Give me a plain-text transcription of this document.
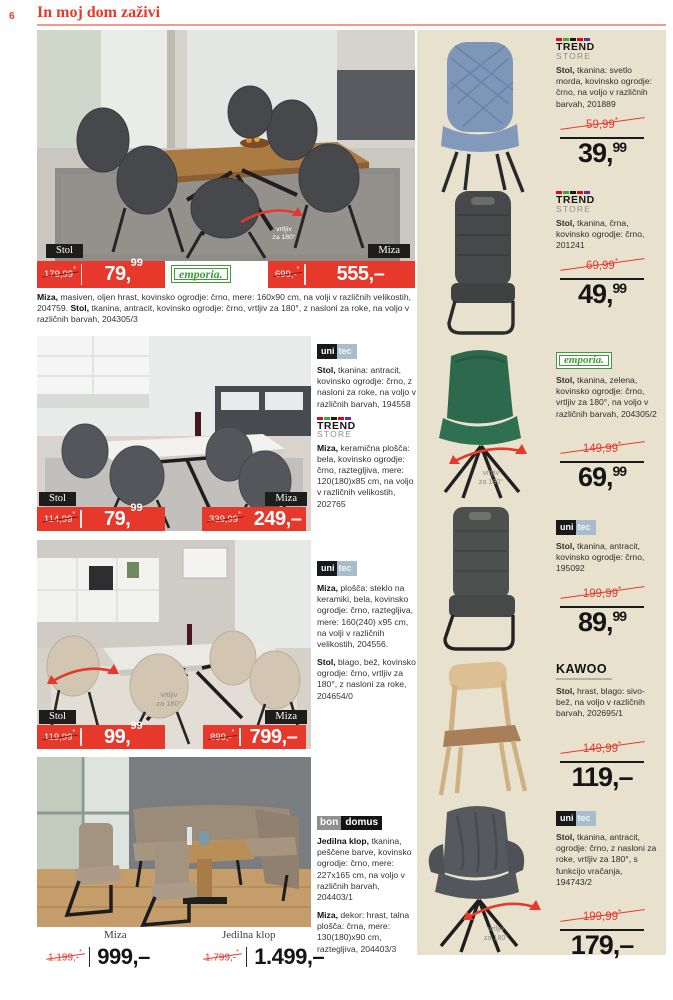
6 In moj dom zaživi
vrtljiv
za 180°
Stol	Miza
179,99*	79,99
emporia.	699,-*	555,–
Miza, masiven, oljen hrast, kovinsko ogrodje: črno, mere: 160x90 cm, na volji v različnih velikostih, 204759. Stol, tkanina, antracit, kovinsko ogrodje: črno, vrtljiv za 180°, z nasloni za roke, na voljo v različnih barvah, 204305/3
Stol	Miza
114,99*	79,99
339,99* 249,–
uni tec
Stol, tkanina: antracit, kovinsko ogrodje: črno, z nasloni za roke, na voljo v različnih barvah, 194558
TREND
STORE
Miza, keramična plošča: bela, kovinsko ogrodje: črno, raztegljiva, mere: 120(180)x85 cm, na voljo v različnih velikostih, 202765
vrtljiv
za 180°
Stol	Miza
119,99*	99,99
899,-* 799,–
uni tec
Miza, plošča: steklo na keramiki, bela, kovinsko ogrodje: črno, raztegljiva, mere: 160(240) x95 cm, na volji v različnih velikostih, 204556.
Stol, blago, bež, kovinsko ogrodje: črno, vrtljiv za 180°, z nasloni za roke, 204654/0
bon domus
Jedilna klop, tkanina, peščene barve, kovinsko ogrodje: črno, mere: 227x165 cm, na voljo v različnih barvah, 204403/1
Miza, dekor: hrast, talna plošča: črna, mere: 130(180)x90 cm, raztegljiva, 204403/3
Miza	Jedilna klop
1.199,-* 999,–	1.799,-* 1.499,–
TREND
STORE
Stol, tkanina: svetlo morda, kovinsko ogrodje: črno, na voljo v različnih barvah, 201889
59,99*
39,99
TREND
STORE
Stol, tkanina, črna, kovinsko ogrodje: črno, 201241
69,99*
49,99
vrtljiv
za 180°
emporia.
Stol, tkanina, zelena, kovinsko ogrodje: črno, vrtljiv za 180°, na voljo v različnih barvah, 204305/2
149,99*
69,99
uni tec
Stol, tkanina, antracit, kovinsko ogrodje: črno, 195092
199,99*
89,99
KAWOO
Stol, hrast, blago: sivo-bež, na voljo v različnih barvah, 202695/1
149,99*
119,–
vrtljiv
za 180°
uni tec
Stol, tkanina, antracit, ogrodje: črno, z nasloni za roke, vrtljiv za 180°, s funkcijo vračanja, 194743/2
199,99*
179,–
